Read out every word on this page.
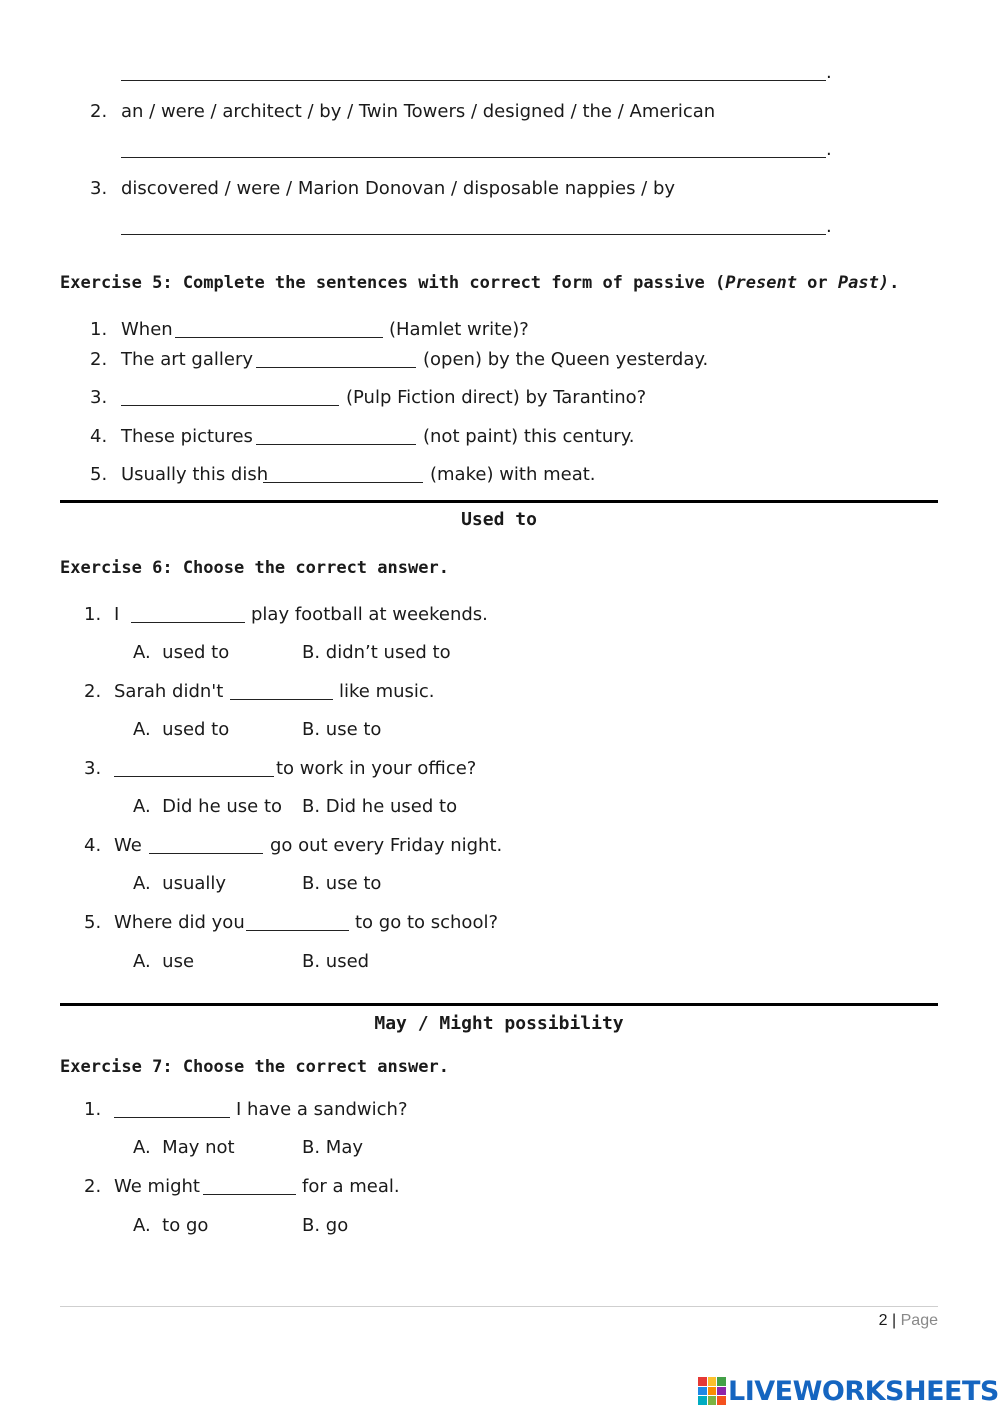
.
2. an / were / architect / by / Twin Towers / designed / the / American
.
3. discovered / were / Marion Donovan / disposable nappies / by
.
Exercise 5: Complete the sentences with correct form of passive (Present or Past).
1. When	(Hamlet write)?
2. The art gallery	(open) by the Queen yesterday.
3.	(Pulp Fiction direct) by Tarantino?
4. These pictures	(not paint) this century.
5. Usually this dish	(make) with meat.
Used to
Exercise 6: Choose the correct answer.
1. I	play football at weekends.
A.  used to	B. didn’t used to
2. Sarah didn't	like music.
A.  used to	B. use to
3.	to work in your office?
A.  Did he use to B. Did he used to
4. We	go out every Friday night.
A.  usually	B. use to
5. Where did you	to go to school?
A.  use	B. used
May / Might possibility
Exercise 7: Choose the correct answer.
1.	I have a sandwich?
A.  May not	B. May
2. We might	for a meal.
A.  to go	B. go
2 | Page
LIVEWORKSHEETS
